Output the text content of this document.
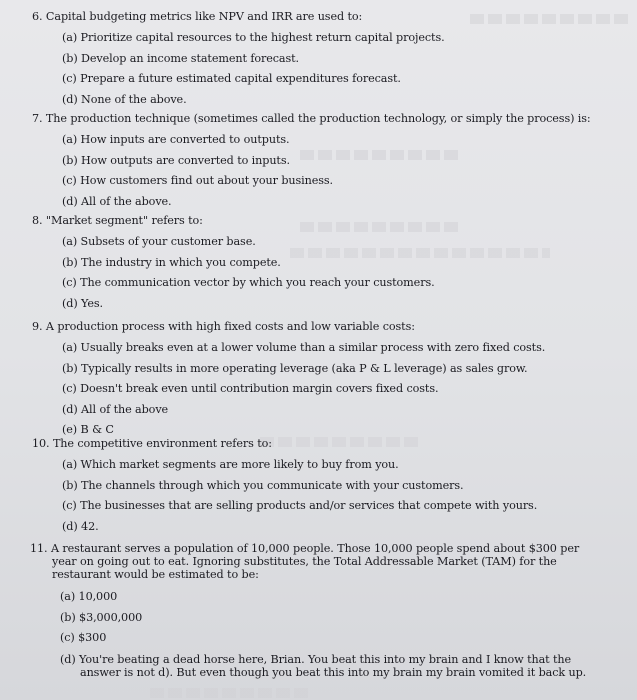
6. Capital budgeting metrics like NPV and IRR are used to:
(a) Prioritize capital resources to the highest return capital projects.
(b) Develop an income statement forecast.
(c) Prepare a future estimated capital expenditures forecast.
(d) None of the above.
7. The production technique (sometimes called the production technology, or simply the process) is:
(a) How inputs are converted to outputs.
(b) How outputs are converted to inputs.
(c) How customers find out about your business.
(d) All of the above.
8. "Market segment" refers to:
(a) Subsets of your customer base.
(b) The industry in which you compete.
(c) The communication vector by which you reach your customers.
(d) Yes.
9. A production process with high fixed costs and low variable costs:
(a) Usually breaks even at a lower volume than a similar process with zero fixed costs.
(b) Typically results in more operating leverage (aka P & L leverage) as sales grow.
(c) Doesn't break even until contribution margin covers fixed costs.
(d) All of the above
(e) B & C
10. The competitive environment refers to:
(a) Which market segments are more likely to buy from you.
(b) The channels through which you communicate with your customers.
(c) The businesses that are selling products and/or services that compete with yours.
(d) 42.
11. A restaurant serves a population of 10,000 people. Those 10,000 people spend about $300 per year on going out to eat. Ignoring substitutes, the Total Addressable Market (TAM) for the restaurant would be estimated to be:
(a) 10,000
(b) $3,000,000
(c) $300
(d) You're beating a dead horse here, Brian. You beat this into my brain and I know that the answer is not d). But even though you beat this into my brain my brain vomited it back up.
